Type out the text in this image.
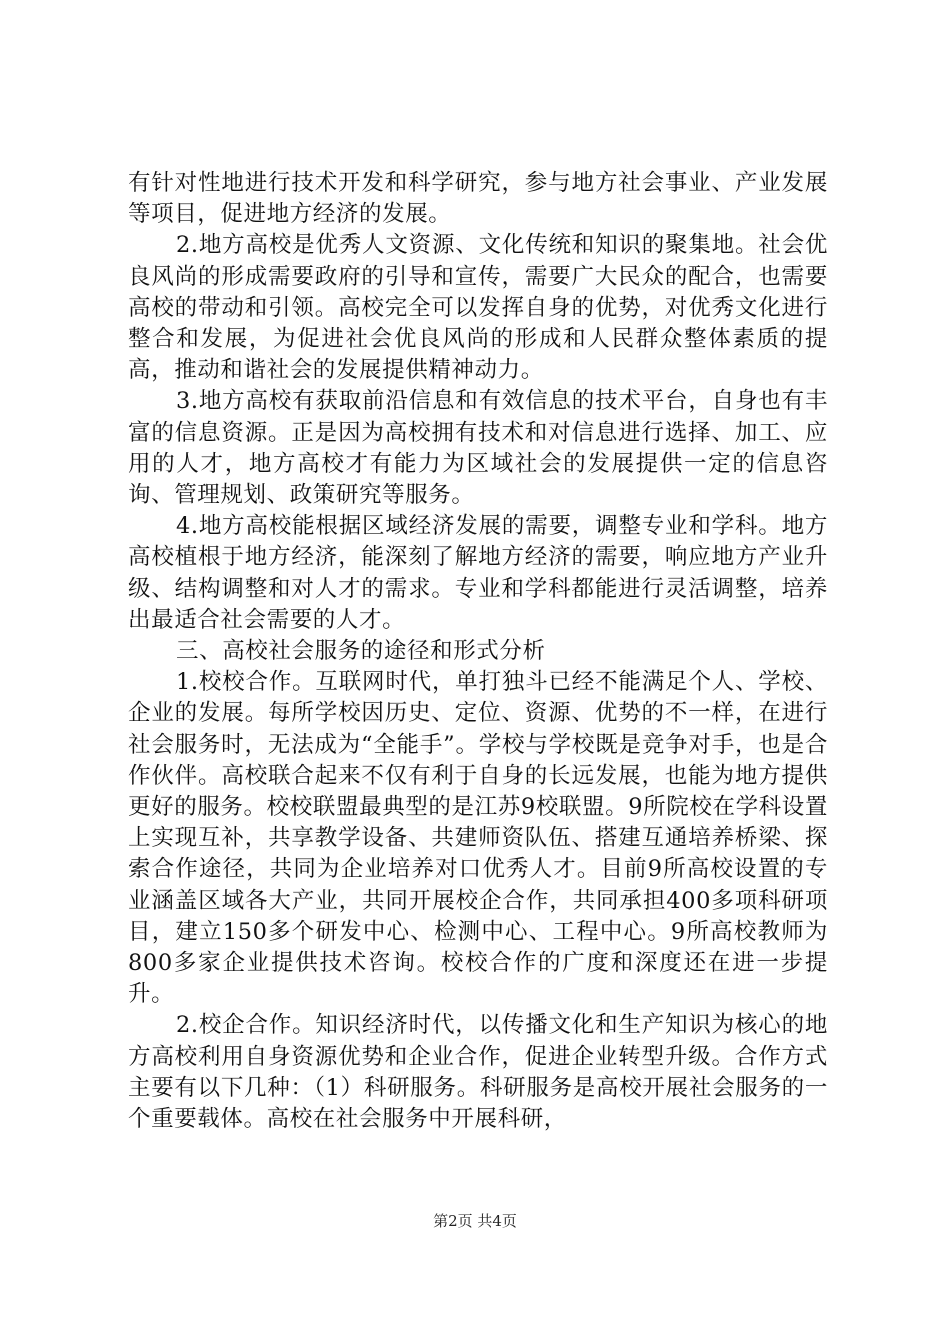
有针对性地进行技术开发和科学研究，参与地方社会事业、产业发展等项目，促进地方经济的发展。

2.地方高校是优秀人文资源、文化传统和知识的聚集地。社会优良风尚的形成需要政府的引导和宣传，需要广大民众的配合，也需要高校的带动和引领。高校完全可以发挥自身的优势，对优秀文化进行整合和发展，为促进社会优良风尚的形成和人民群众整体素质的提高，推动和谐社会的发展提供精神动力。

3.地方高校有获取前沿信息和有效信息的技术平台，自身也有丰富的信息资源。正是因为高校拥有技术和对信息进行选择、加工、应用的人才，地方高校才有能力为区域社会的发展提供一定的信息咨询、管理规划、政策研究等服务。

4.地方高校能根据区域经济发展的需要，调整专业和学科。地方高校植根于地方经济，能深刻了解地方经济的需要，响应地方产业升级、结构调整和对人才的需求。专业和学科都能进行灵活调整，培养出最适合社会需要的人才。

三、高校社会服务的途径和形式分析

1.校校合作。互联网时代，单打独斗已经不能满足个人、学校、企业的发展。每所学校因历史、定位、资源、优势的不一样，在进行社会服务时，无法成为“全能手”。学校与学校既是竞争对手，也是合作伙伴。高校联合起来不仅有利于自身的长远发展，也能为地方提供更好的服务。校校联盟最典型的是江苏9校联盟。9所院校在学科设置上实现互补，共享教学设备、共建师资队伍、搭建互通培养桥梁、探索合作途径，共同为企业培养对口优秀人才。目前9所高校设置的专业涵盖区域各大产业，共同开展校企合作，共同承担400多项科研项目，建立150多个研发中心、检测中心、工程中心。9所高校教师为800多家企业提供技术咨询。校校合作的广度和深度还在进一步提升。

2.校企合作。知识经济时代，以传播文化和生产知识为核心的地方高校利用自身资源优势和企业合作，促进企业转型升级。合作方式主要有以下几种：（1）科研服务。科研服务是高校开展社会服务的一个重要载体。高校在社会服务中开展科研，

第2页 共4页
